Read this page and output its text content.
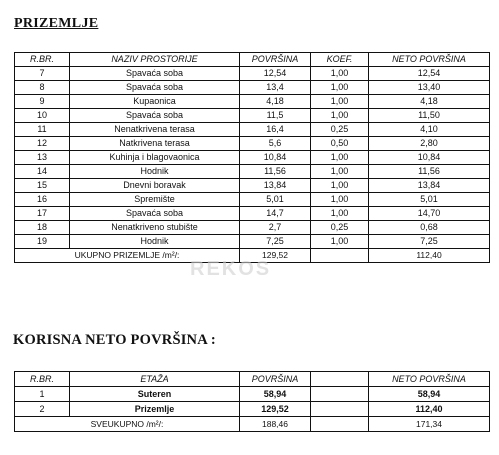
PRIZEMLJE
R.BR.	NAZIV PROSTORIJE	POVRŠINA	KOEF.	NETO POVRŠINA
7	Spavaća soba	12,54	1,00	12,54
8	Spavaća soba	13,4	1,00	13,40
9	Kupaonica	4,18	1,00	4,18
10	Spavaća soba	11,5	1,00	11,50
11	Nenatkrivena terasa	16,4	0,25	4,10
12	Natkrivena terasa	5,6	0,50	2,80
13	Kuhinja i blagovaonica	10,84	1,00	10,84
14	Hodnik	11,56	1,00	11,56
15	Dnevni boravak	13,84	1,00	13,84
16	Spremište	5,01	1,00	5,01
17	Spavaća soba	14,7	1,00	14,70
18	Nenatkriveno stubište	2,7	0,25	0,68
19	Hodnik	7,25	1,00	7,25
UKUPNO PRIZEMLJE /m²/:		129,52		112,40
REKOS
KORISNA NETO POVRŠINA :
R.BR.	ETAŽA	POVRŠINA		NETO POVRŠINA
1	Suteren	58,94		58,94
2	Prizemlje	129,52		112,40
SVEUKUPNO /m²/:		188,46		171,34
